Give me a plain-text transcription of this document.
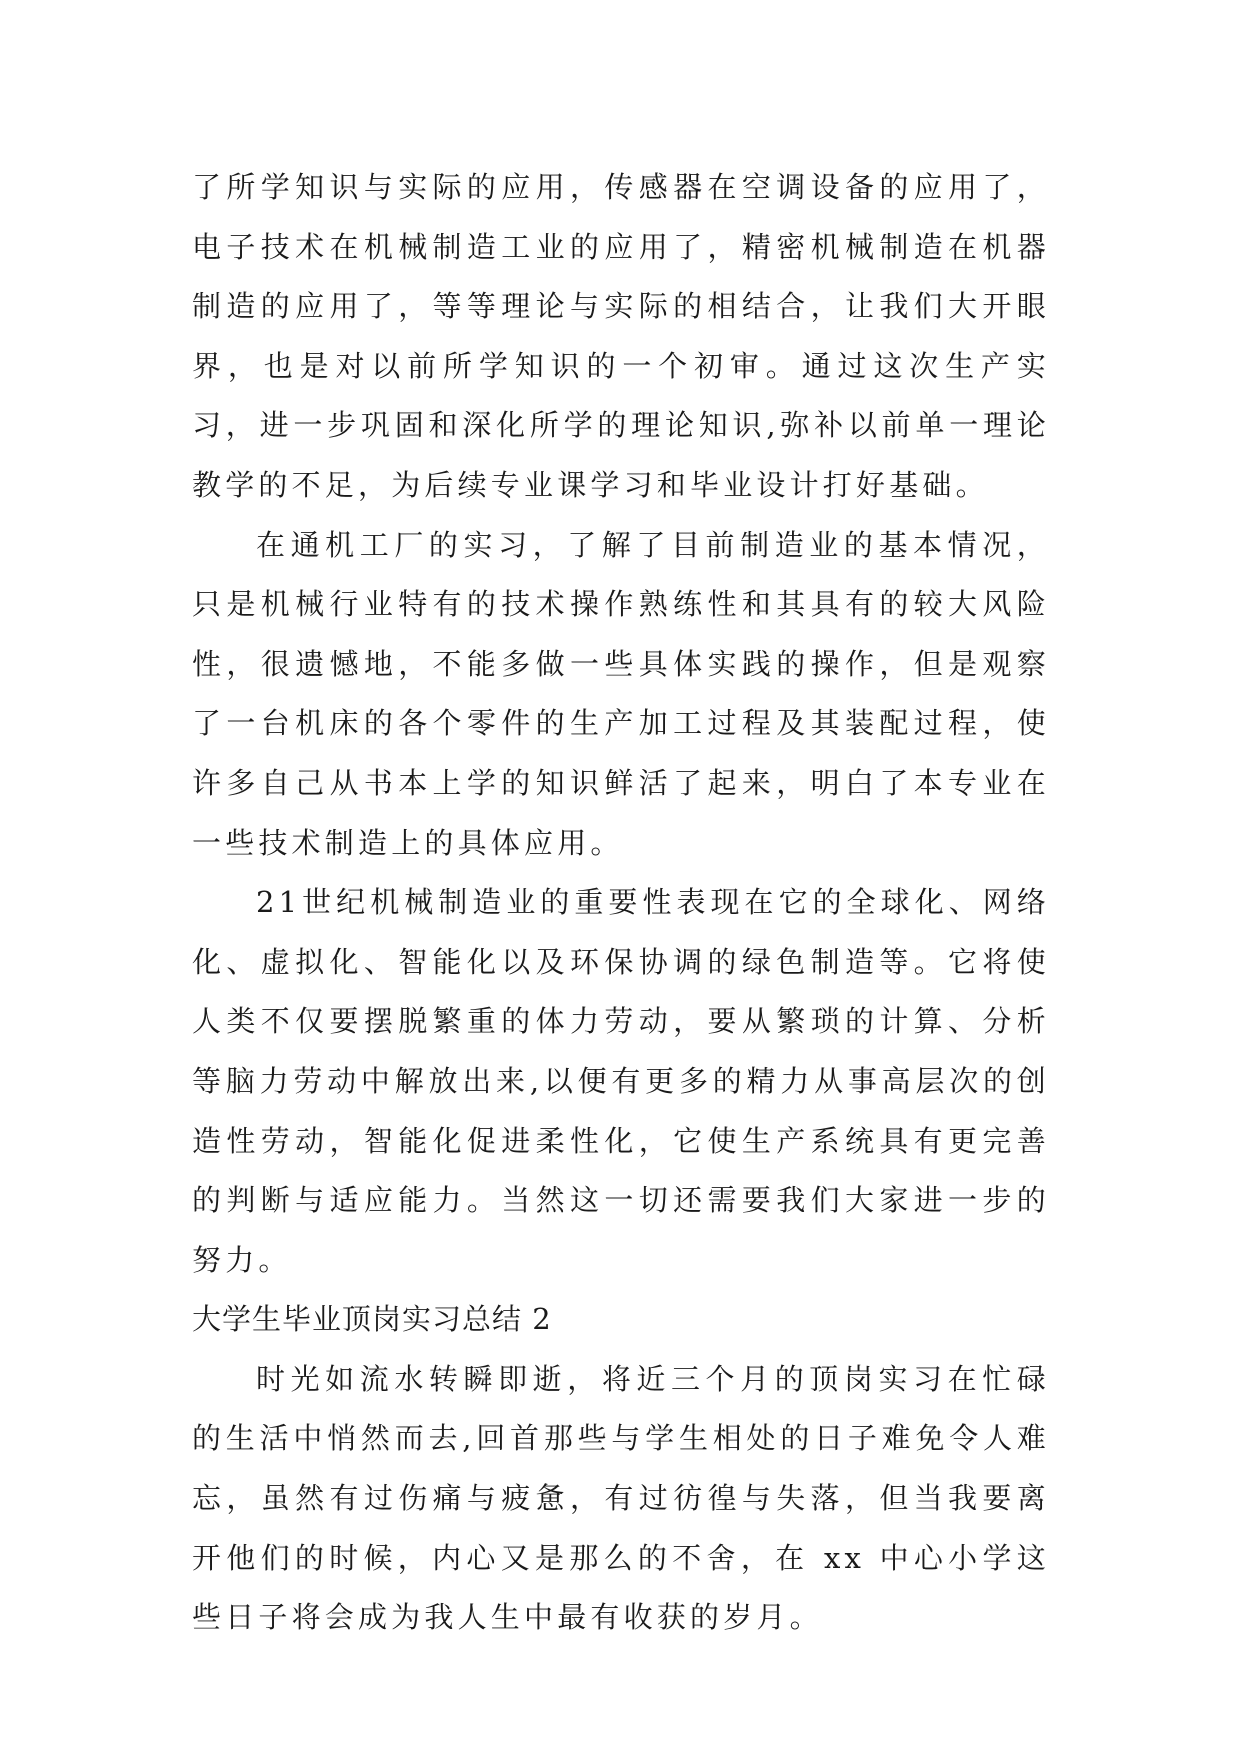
了所学知识与实际的应用，传感器在空调设备的应用了，电子技术在机械制造工业的应用了，精密机械制造在机器制造的应用了，等等理论与实际的相结合，让我们大开眼界，也是对以前所学知识的一个初审。通过这次生产实习，进一步巩固和深化所学的理论知识,弥补以前单一理论教学的不足，为后续专业课学习和毕业设计打好基础。

在通机工厂的实习，了解了目前制造业的基本情况，只是机械行业特有的技术操作熟练性和其具有的较大风险性，很遗憾地，不能多做一些具体实践的操作，但是观察了一台机床的各个零件的生产加工过程及其装配过程，使许多自己从书本上学的知识鲜活了起来，明白了本专业在一些技术制造上的具体应用。

21世纪机械制造业的重要性表现在它的全球化、网络化、虚拟化、智能化以及环保协调的绿色制造等。它将使人类不仅要摆脱繁重的体力劳动，要从繁琐的计算、分析等脑力劳动中解放出来,以便有更多的精力从事高层次的创造性劳动，智能化促进柔性化，它使生产系统具有更完善的判断与适应能力。当然这一切还需要我们大家进一步的努力。

大学生毕业顶岗实习总结 2

时光如流水转瞬即逝，将近三个月的顶岗实习在忙碌的生活中悄然而去,回首那些与学生相处的日子难免令人难忘，虽然有过伤痛与疲惫，有过彷徨与失落，但当我要离开他们的时候，内心又是那么的不舍，在 xx 中心小学这些日子将会成为我人生中最有收获的岁月。
